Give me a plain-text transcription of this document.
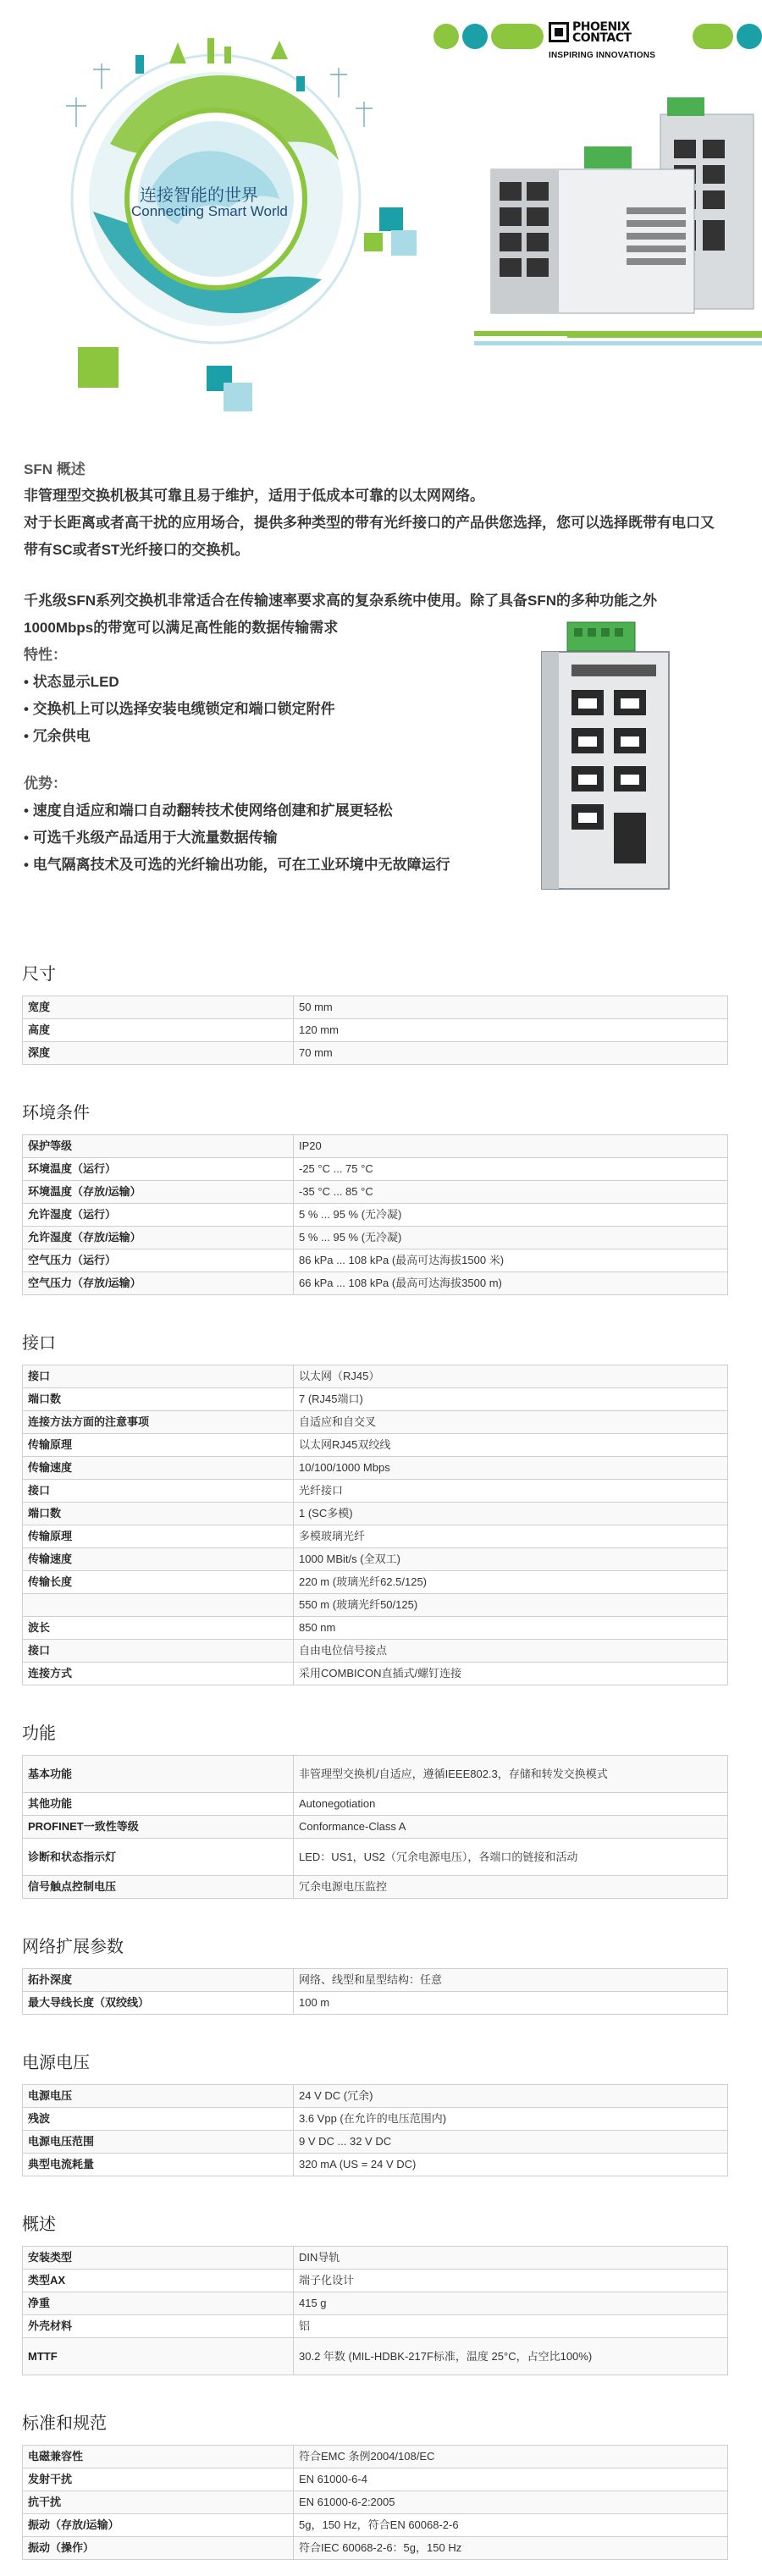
连接智能的世界
Connecting Smart World
PHOENIX
CONTACT
INSPIRING INNOVATIONS
SFN 概述
非管理型交换机极其可靠且易于维护，适用于低成本可靠的以太网网络。
对于长距离或者高干扰的应用场合，提供多种类型的带有光纤接口的产品供您选择，您可以选择既带有电口又
带有SC或者ST光纤接口的交换机。
千兆级SFN系列交换机非常适合在传输速率要求高的复杂系统中使用。除了具备SFN的多种功能之外
1000Mbps的带宽可以满足高性能的数据传输需求
特性：
• 状态显示LED
• 交换机上可以选择安装电缆锁定和端口锁定附件
• 冗余供电
优势：
• 速度自适应和端口自动翻转技术使网络创建和扩展更轻松
• 可选千兆级产品适用于大流量数据传输
• 电气隔离技术及可选的光纤输出功能，可在工业环境中无故障运行
尺寸
宽度	50 mm
高度	120 mm
深度	70 mm
环境条件
保护等级	IP20
环境温度（运行）	-25 °C ... 75 °C
环境温度（存放/运输）	-35 °C ... 85 °C
允许湿度（运行）	5 % ... 95 % (无冷凝)
允许湿度（存放/运输）	5 % ... 95 % (无冷凝)
空气压力（运行）	86 kPa ... 108 kPa (最高可达海拔1500 米)
空气压力（存放/运输）	66 kPa ... 108 kPa (最高可达海拔3500 m)
接口
接口	以太网（RJ45）
端口数	7 (RJ45端口)
连接方法方面的注意事项	自适应和自交叉
传输原理	以太网RJ45双绞线
传输速度	10/100/1000 Mbps
接口	光纤接口
端口数	1 (SC多模)
传输原理	多模玻璃光纤
传输速度	1000 MBit/s (全双工)
传输长度	220 m (玻璃光纤62.5/125)
	550 m (玻璃光纤50/125)
波长	850 nm
接口	自由电位信号接点
连接方式	采用COMBICON直插式/螺钉连接
功能
基本功能	非管理型交换机/自适应，遵循IEEE802.3，存储和转发交换模式
其他功能	Autonegotiation
PROFINET一致性等级	Conformance-Class A
诊断和状态指示灯	LED：US1，US2（冗余电源电压），各端口的链接和活动
信号触点控制电压	冗余电源电压监控
网络扩展参数
拓扑深度	网络、线型和星型结构：任意
最大导线长度（双绞线）	100 m
电源电压
电源电压	24 V DC (冗余)
残波	3.6 Vpp (在允许的电压范围内)
电源电压范围	9 V DC ... 32 V DC
典型电流耗量	320 mA (US = 24 V DC)
概述
安装类型	DIN导轨
类型AX	端子化设计
净重	415 g
外壳材料	铝
MTTF	30.2 年数 (MIL-HDBK-217F标准，温度 25°C，占空比100%)
标准和规范
电磁兼容性	符合EMC 条例2004/108/EC
发射干扰	EN 61000-6-4
抗干扰	EN 61000-6-2:2005
振动（存放/运输）	5g，150 Hz，符合EN 60068-2-6
振动（操作）	符合IEC 60068-2-6：5g，150 Hz
